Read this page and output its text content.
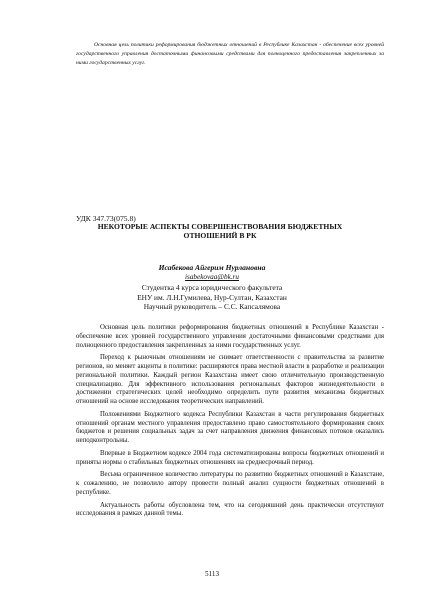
Основная цель политики реформирования бюджетных отношений в Республике Казахстан - обеспечение всех уровней государственного управления достаточными финансовыми средствами для полноценного предоставления закрепленных за ними государственных услуг.
УДК 347.73(075.8)
НЕКОТОРЫЕ АСПЕКТЫ СОВЕРШЕНСТВОВАНИЯ БЮДЖЕТНЫХ ОТНОШЕНИЙ В РК
Исабекова Айгерим Нурлановна
isabekovaa@bk.ru
Студентка 4 курса юридического факультета
ЕНУ им. Л.Н.Гумилева, Нур-Султан, Казахстан
Научный руководитель – С.С. Капсалямова

Основная цель политики реформирования бюджетных отношений в Республике Казахстан - обеспечение всех уровней государственного управления достаточными финансовыми средствами для полноценного предоставления закрепленных за ними государственных услуг.

Переход к рыночным отношениям не снимает ответственности с правительства за развитие регионов, но меняет акценты в политике: расширяются права местной власти в разработке и реализации региональной политики. Каждый регион Казахстана имеет свою отличительную производственную специализацию. Для эффективного использования региональных факторов жизнедеятельности в достижении стратегических целей необходимо определить пути развития механизма бюджетных отношений на основе исследования теоретических направлений.

Положениями Бюджетного кодекса Республики Казахстан в части регулирования бюджетных отношений органам местного управления предоставлено право самостоятельного формирования своих бюджетов и решения социальных задач за счет направления движения финансовых потоков оказались неподконтрольны.

Впервые в Бюджетном кодексе 2004 года систематизированы вопросы бюджетных отношений и приняты нормы о стабильных бюджетных отношениях на среднесрочный период.

Весьма ограниченное количество литературы по развитию бюджетных отношений в Казахстане, к сожалению, не позволило автору провести полный анализ сущности бюджетных отношений в республике.

Актуальность работы обусловлена тем, что на сегодняшний день практически отсутствуют исследования в рамках данной темы.

5113
